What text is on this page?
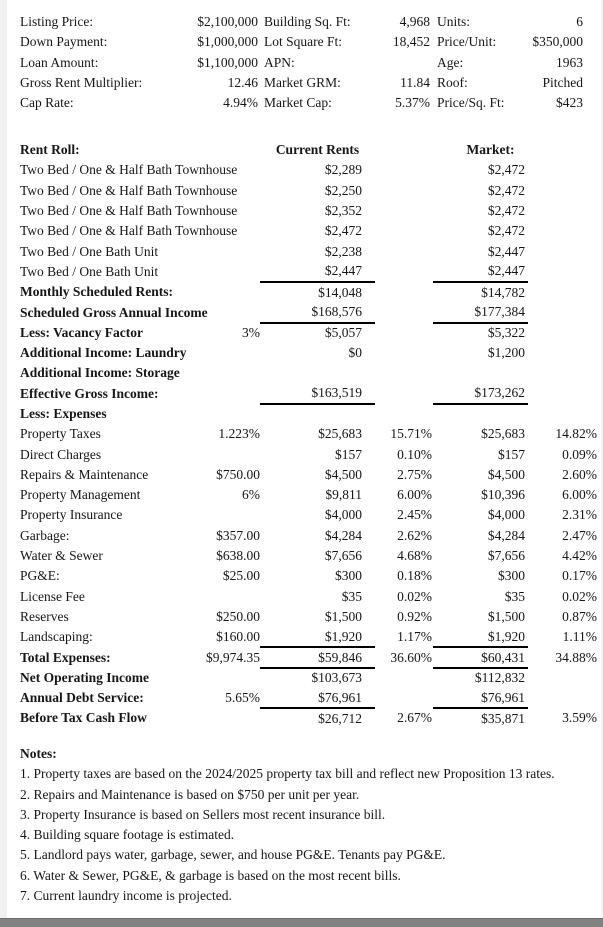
Listing Price:	$2,100,000	Building Sq. Ft:	4,968	Units:	6
Down Payment:	$1,000,000	Lot Square Ft:	18,452	Price/Unit:	$350,000
Loan Amount:	$1,100,000	APN:		Age:	1963
Gross Rent Multiplier:	12.46	Market GRM:	11.84	Roof:	Pitched
Cap Rate:	4.94%	Market Cap:	5.37%	Price/Sq. Ft:	$423
Rent Roll:		Current Rents		Market:	
Two Bed / One & Half Bath Townhouse		$2,289		$2,472	
Two Bed / One & Half Bath Townhouse		$2,250		$2,472	
Two Bed / One & Half Bath Townhouse		$2,352		$2,472	
Two Bed / One & Half Bath Townhouse		$2,472		$2,472	
Two Bed / One Bath Unit		$2,238		$2,447	
Two Bed / One Bath Unit		$2,447		$2,447	
Monthly Scheduled Rents:		$14,048		$14,782	
Scheduled Gross Annual Income		$168,576		$177,384	
Less: Vacancy Factor	3%	$5,057		$5,322	
Additional Income: Laundry		$0		$1,200	
Additional Income: Storage					
Effective Gross Income:		$163,519		$173,262	
Less: Expenses					
Property Taxes	1.223%	$25,683	15.71%	$25,683	14.82%
Direct Charges		$157	0.10%	$157	0.09%
Repairs & Maintenance	$750.00	$4,500	2.75%	$4,500	2.60%
Property Management	6%	$9,811	6.00%	$10,396	6.00%
Property Insurance		$4,000	2.45%	$4,000	2.31%
Garbage:	$357.00	$4,284	2.62%	$4,284	2.47%
Water & Sewer	$638.00	$7,656	4.68%	$7,656	4.42%
PG&E:	$25.00	$300	0.18%	$300	0.17%
License Fee		$35	0.02%	$35	0.02%
Reserves	$250.00	$1,500	0.92%	$1,500	0.87%
Landscaping:	$160.00	$1,920	1.17%	$1,920	1.11%
Total Expenses:	$9,974.35	$59,846	36.60%	$60,431	34.88%
Net Operating Income		$103,673		$112,832	
Annual Debt Service:	5.65%	$76,961		$76,961	
Before Tax Cash Flow		$26,712	2.67%	$35,871	3.59%
Notes:
1. Property taxes are based on the 2024/2025 property tax bill and reflect new Proposition 13 rates.
2. Repairs and Maintenance is based on $750 per unit per year.
3. Property Insurance is based on Sellers most recent insurance bill.
4. Building square footage is estimated.
5. Landlord pays water, garbage, sewer, and house PG&E. Tenants pay PG&E.
6. Water & Sewer, PG&E, & garbage is based on the most recent bills.
7. Current laundry income is projected.
